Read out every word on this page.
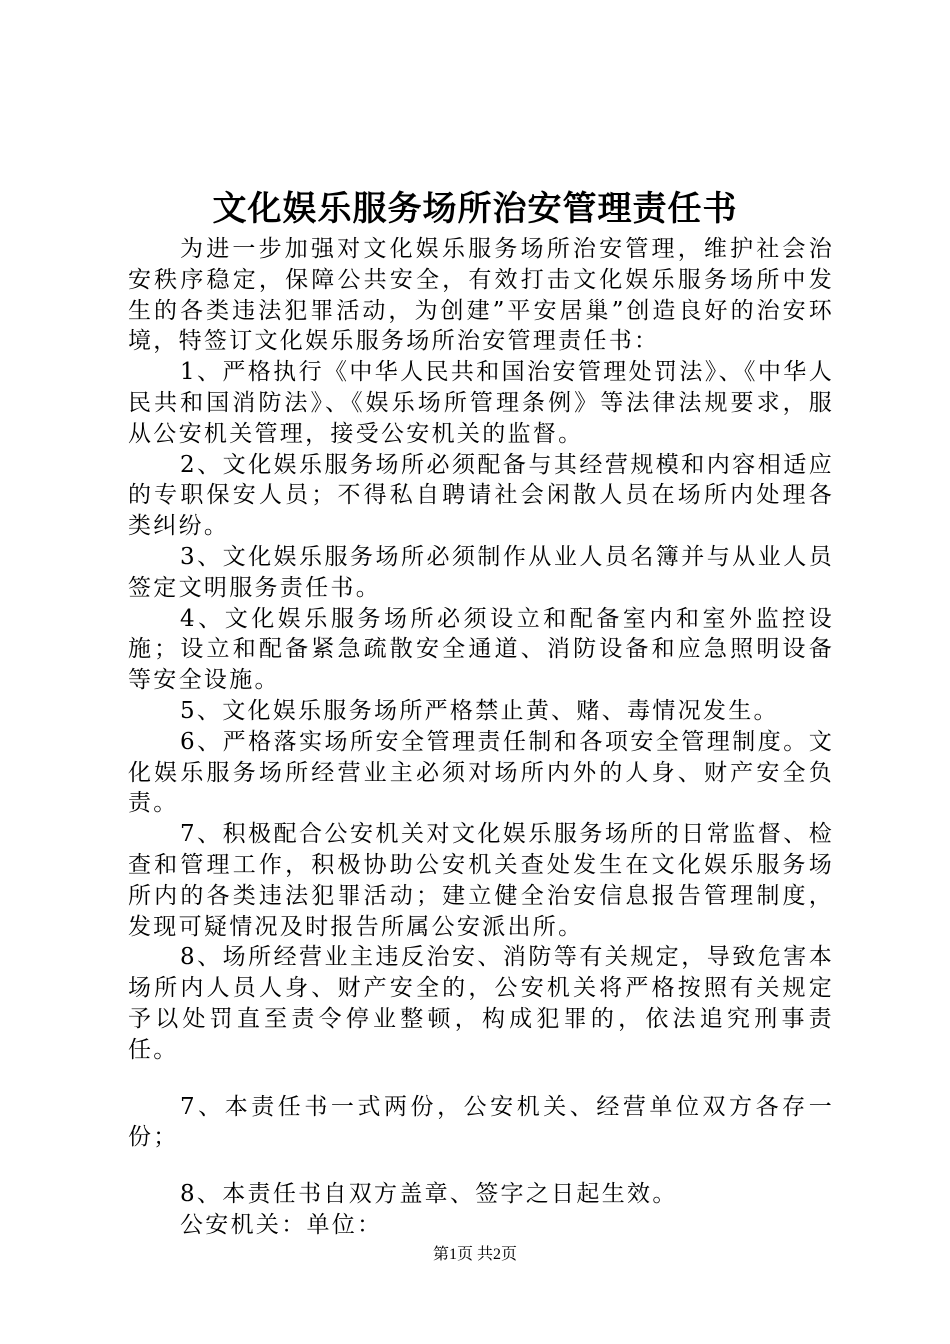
文化娱乐服务场所治安管理责任书

为进一步加强对文化娱乐服务场所治安管理，维护社会治安秩序稳定，保障公共安全，有效打击文化娱乐服务场所中发生的各类违法犯罪活动，为创建”平安居巢”创造良好的治安环境，特签订文化娱乐服务场所治安管理责任书：

1、严格执行《中华人民共和国治安管理处罚法》、《中华人民共和国消防法》、《娱乐场所管理条例》等法律法规要求，服从公安机关管理，接受公安机关的监督。

2、文化娱乐服务场所必须配备与其经营规模和内容相适应的专职保安人员；不得私自聘请社会闲散人员在场所内处理各类纠纷。

3、文化娱乐服务场所必须制作从业人员名簿并与从业人员签定文明服务责任书。

4、文化娱乐服务场所必须设立和配备室内和室外监控设施；设立和配备紧急疏散安全通道、消防设备和应急照明设备等安全设施。

5、文化娱乐服务场所严格禁止黄、赌、毒情况发生。

6、严格落实场所安全管理责任制和各项安全管理制度。文化娱乐服务场所经营业主必须对场所内外的人身、财产安全负责。

7、积极配合公安机关对文化娱乐服务场所的日常监督、检查和管理工作，积极协助公安机关查处发生在文化娱乐服务场所内的各类违法犯罪活动；建立健全治安信息报告管理制度，发现可疑情况及时报告所属公安派出所。

8、场所经营业主违反治安、消防等有关规定，导致危害本场所内人员人身、财产安全的，公安机关将严格按照有关规定予以处罚直至责令停业整顿，构成犯罪的，依法追究刑事责任。

7、本责任书一式两份，公安机关、经营单位双方各存一份；

8、本责任书自双方盖章、签字之日起生效。

公安机关：单位：

第1页 共2页
